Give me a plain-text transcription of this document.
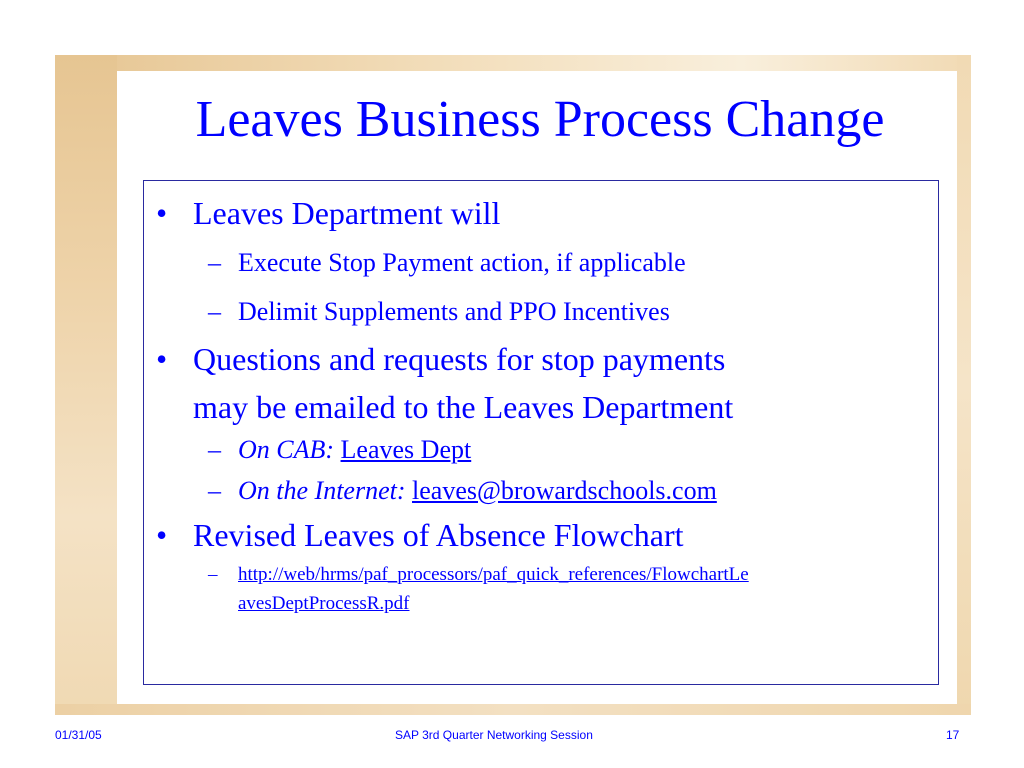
Leaves Business Process Change
• Leaves Department will
– Execute Stop Payment action, if applicable
– Delimit Supplements and PPO Incentives
• Questions and requests for stop payments
may be emailed to the Leaves Department
– On CAB: Leaves Dept
– On the Internet: leaves@browardschools.com
• Revised Leaves of Absence Flowchart
– http://web/hrms/paf_processors/paf_quick_references/FlowchartLe
avesDeptProcessR.pdf
01/31/05	SAP 3rd Quarter Networking Session	17
